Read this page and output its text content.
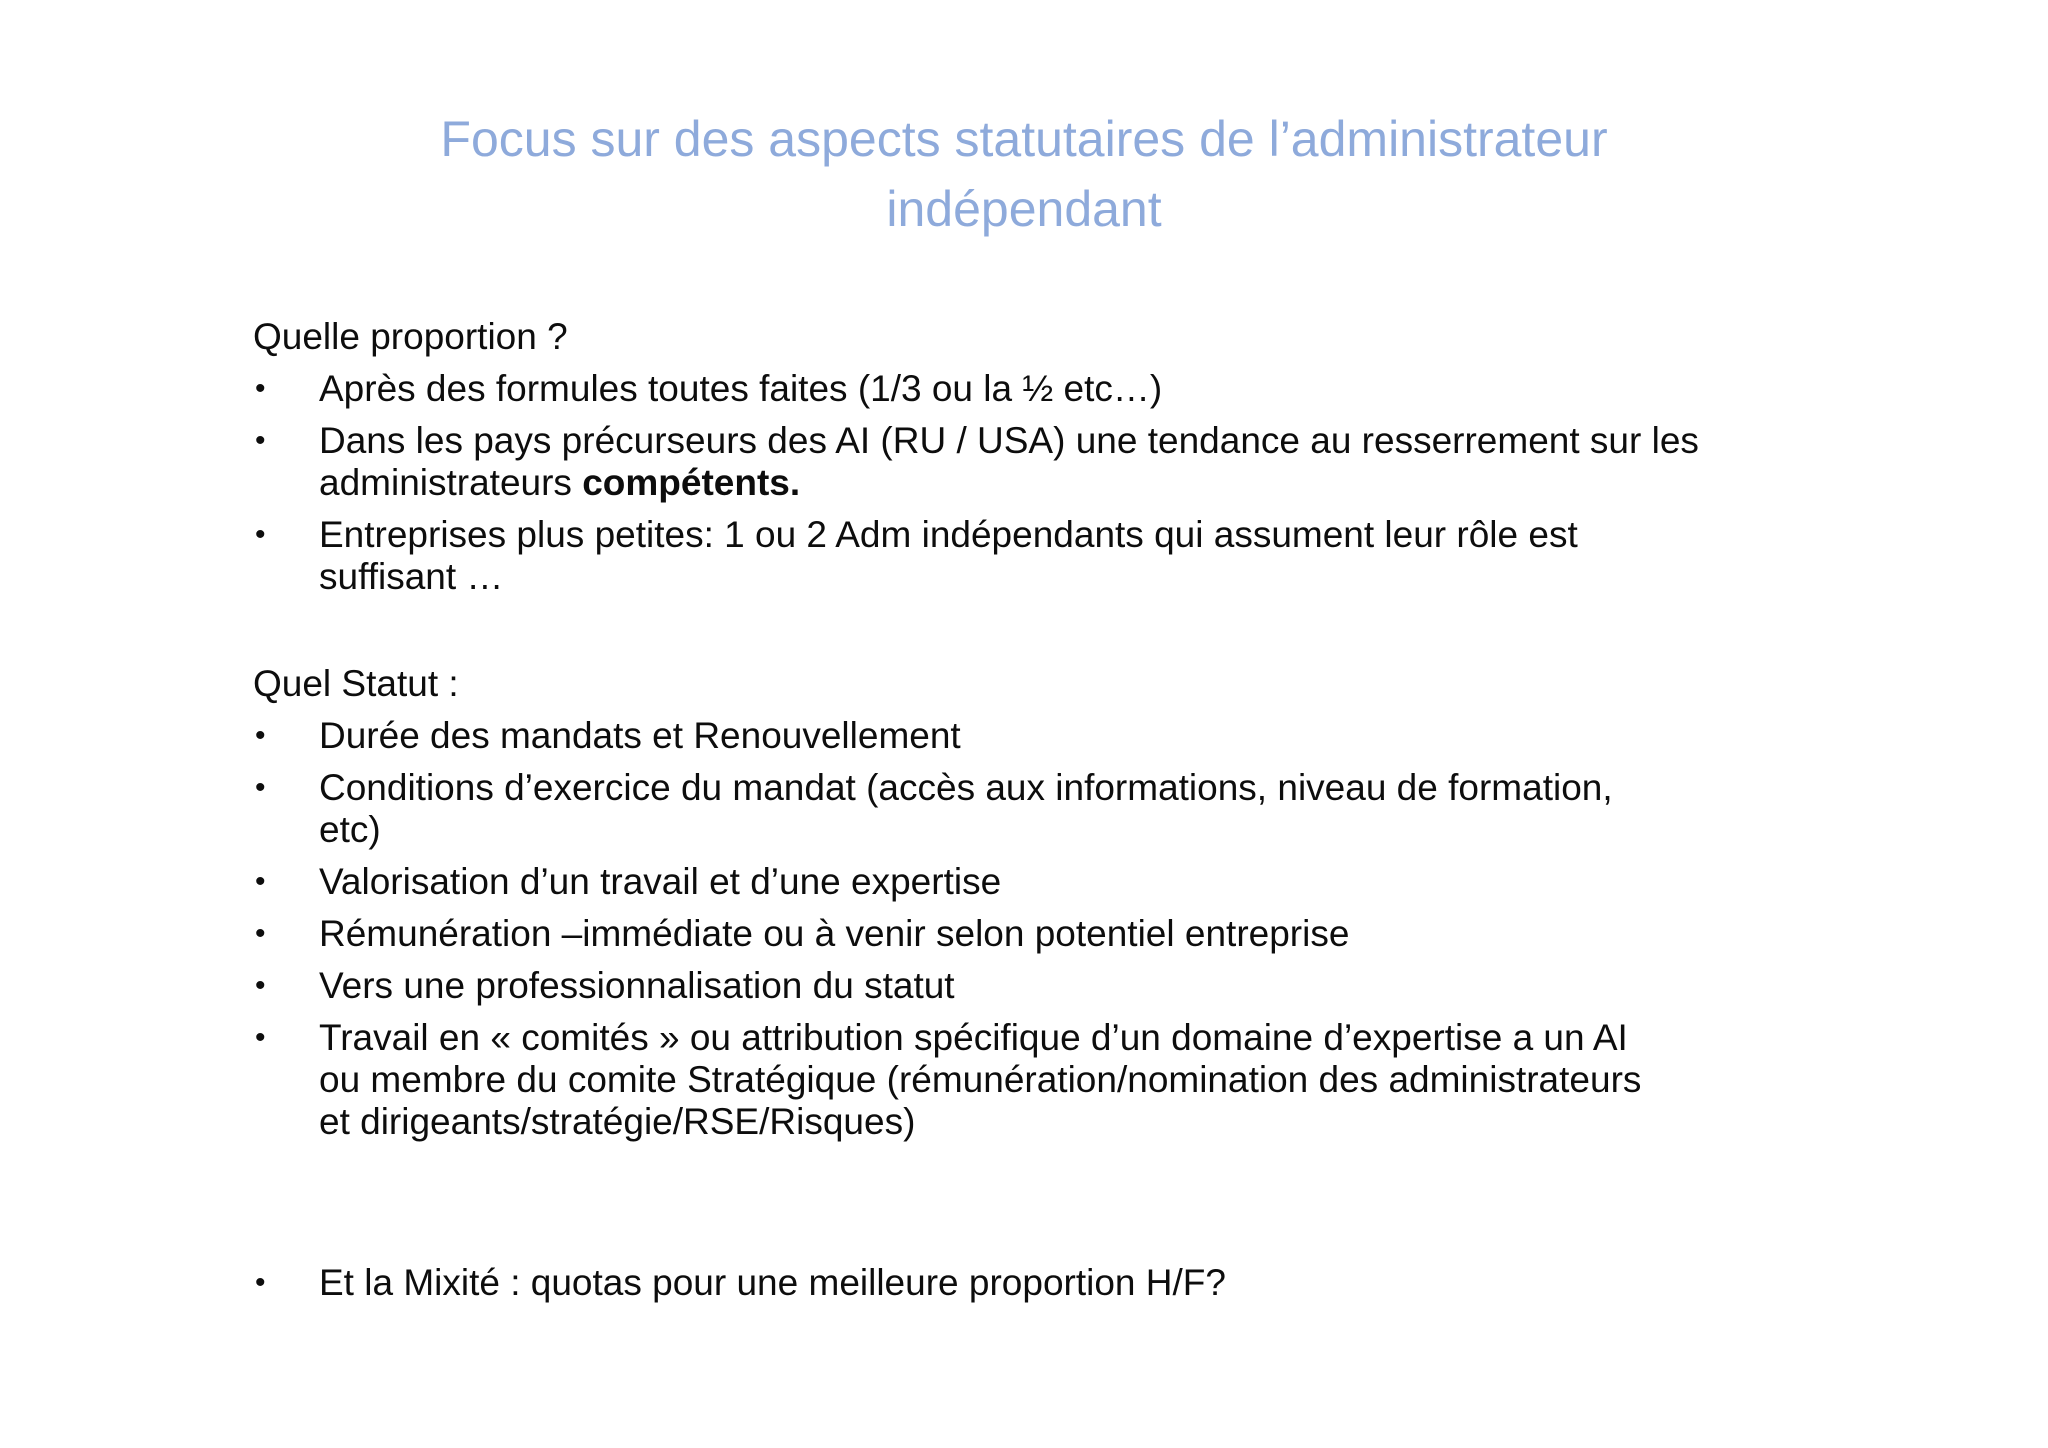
Focus sur des aspects statutaires de l’administrateur
indépendant

Quelle proportion ?

•	Après des formules toutes faites (1/3 ou la ½ etc…)
•	Dans les pays précurseurs des AI (RU / USA) une tendance au resserrement sur les
administrateurs compétents.
•	Entreprises plus petites: 1 ou 2 Adm indépendants qui assument leur rôle est
suffisant …

Quel Statut :

•	Durée des mandats et Renouvellement
•	Conditions d’exercice du mandat (accès aux informations, niveau de formation,
etc)
•	Valorisation d’un travail et d’une expertise
•	Rémunération –immédiate ou à venir selon potentiel entreprise
•	Vers une professionnalisation du statut
•	Travail en « comités » ou attribution spécifique d’un domaine d’expertise a un AI
ou membre du comite Stratégique (rémunération/nomination des administrateurs
et dirigeants/stratégie/RSE/Risques)
•	Et la Mixité : quotas pour une meilleure proportion H/F?
